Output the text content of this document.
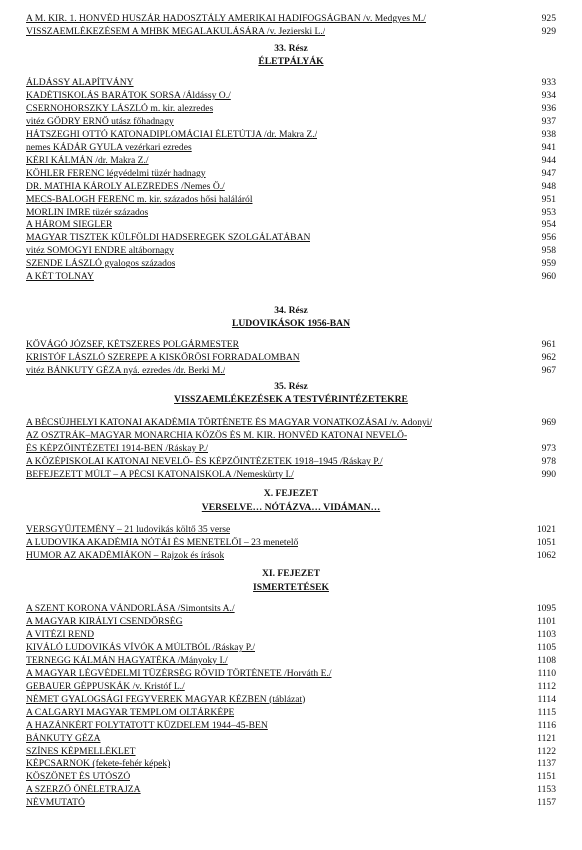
A M. KIR. 1. HONVÉD HUSZÁR HADOSZTÁLY AMERIKAI HADIFOGSÁGBAN /v. Medgyes M./	925
VISSZAEMLÉKEZÉSEM A MHBK MEGALAKULÁSÁRA /v. Jezierski L./	929
33. Rész
ÉLETPÁLYÁK
ÁLDÁSSY ALAPÍTVÁNY	933
KADÉTISKOLÁS BARÁTOK SORSA /Áldássy O./	934
CSERNOHORSZKY LÁSZLÓ m. kir. alezredes	936
vitéz GŐDRY ERNŐ utász főhadnagy	937
HÁTSZEGHI OTTÓ KATONADIPLOMÁCIAI ÉLETÚTJA /dr. Makra Z./	938
nemes KÁDÁR GYULA vezérkari ezredes	941
KÉRI KÁLMÁN /dr. Makra Z./	944
KÖHLER FERENC légvédelmi tüzér hadnagy	947
DR. MATHIA KÁROLY ALEZREDES /Nemes Ö./	948
MECS-BALOGH FERENC m. kir. százados hősi haláláról	951
MORLIN IMRE tüzér százados	953
A HÁROM SIEGLER	954
MAGYAR TISZTEK KÜLFÖLDI HADSEREGEK SZOLGÁLATÁBAN	956
vitéz SOMOGYI ENDRE altábornagy	958
SZENDE LÁSZLÓ gyalogos százados	959
A KÉT TOLNAY	960
34. Rész
LUDOVIKÁSOK 1956-BAN
KŐVÁGÓ JÓZSEF, KÉTSZERES POLGÁRMESTER	961
KRISTÓF LÁSZLÓ SZEREPE A KISKŐRÖSI FORRADALOMBAN	962
vitéz BÁNKUTY GÉZA nyá. ezredes /dr. Berki M./	967
35. Rész
VISSZAEMLÉKEZÉSEK A TESTVÉRINTÉZETEKRE
A BÉCSÚJHELYI KATONAI AKADÉMIA TÖRTÉNETE ÉS MAGYAR VONATKOZÁSAI /v. Adonyi/	969
AZ OSZTRÁK–MAGYAR MONARCHIA KÖZÖS ÉS M. KIR. HONVÉD KATONAI NEVELŐ-
ÉS KÉPZŐINTÉZETEI 1914-BEN /Ráskay P./	973
A KÖZÉPISKOLAI KATONAI NEVELŐ- ÉS KÉPZŐINTÉZETEK 1918–1945 /Ráskay P./	978
BEFEJEZETT MÚLT – A PÉCSI KATONAISKOLA /Nemeskürty I./	990
X. FEJEZET
VERSELVE… NÓTÁZVA… VIDÁMAN…
VERSGYŰJTEMÉNY – 21 ludovikás költő 35 verse	1021
A LUDOVIKA AKADÉMIA NÓTÁI ÉS MENETELŐI – 23 menetelő	1051
HUMOR AZ AKADÉMIÁKON – Rajzok és írások	1062
XI. FEJEZET
ISMERTETÉSEK
A SZENT KORONA VÁNDORLÁSA /Simontsits A./	1095
A MAGYAR KIRÁLYI CSENDŐRSÉG	1101
A VITÉZI REND	1103
KIVÁLÓ LUDOVIKÁS VÍVÓK A MÚLTBÓL /Ráskay P./	1105
TERNEGG KÁLMÁN HAGYATÉKA /Mányoky I./	1108
A MAGYAR LÉGVÉDELMI TÜZÉRSÉG RÖVID TÖRTÉNETE /Horváth E./	1110
GEBAUER GÉPPUSKÁK /v. Kristóf L./	1112
NÉMET GYALOGSÁGI FEGYVEREK MAGYAR KÉZBEN (táblázat)	1114
A CALGARYI MAGYAR TEMPLOM OLTÁRKÉPE	1115
A HAZÁNKÉRT FOLYTATOTT KÜZDELEM 1944–45-BEN	1116
BÁNKUTY GÉZA	1121
SZÍNES KÉPMELLÉKLET	1122
KÉPCSARNOK (fekete-fehér képek)	1137
KÖSZÖNET ÉS UTÓSZÓ	1151
A SZERZŐ ÖNÉLETRAJZA	1153
NÉVMUTATÓ	1157
